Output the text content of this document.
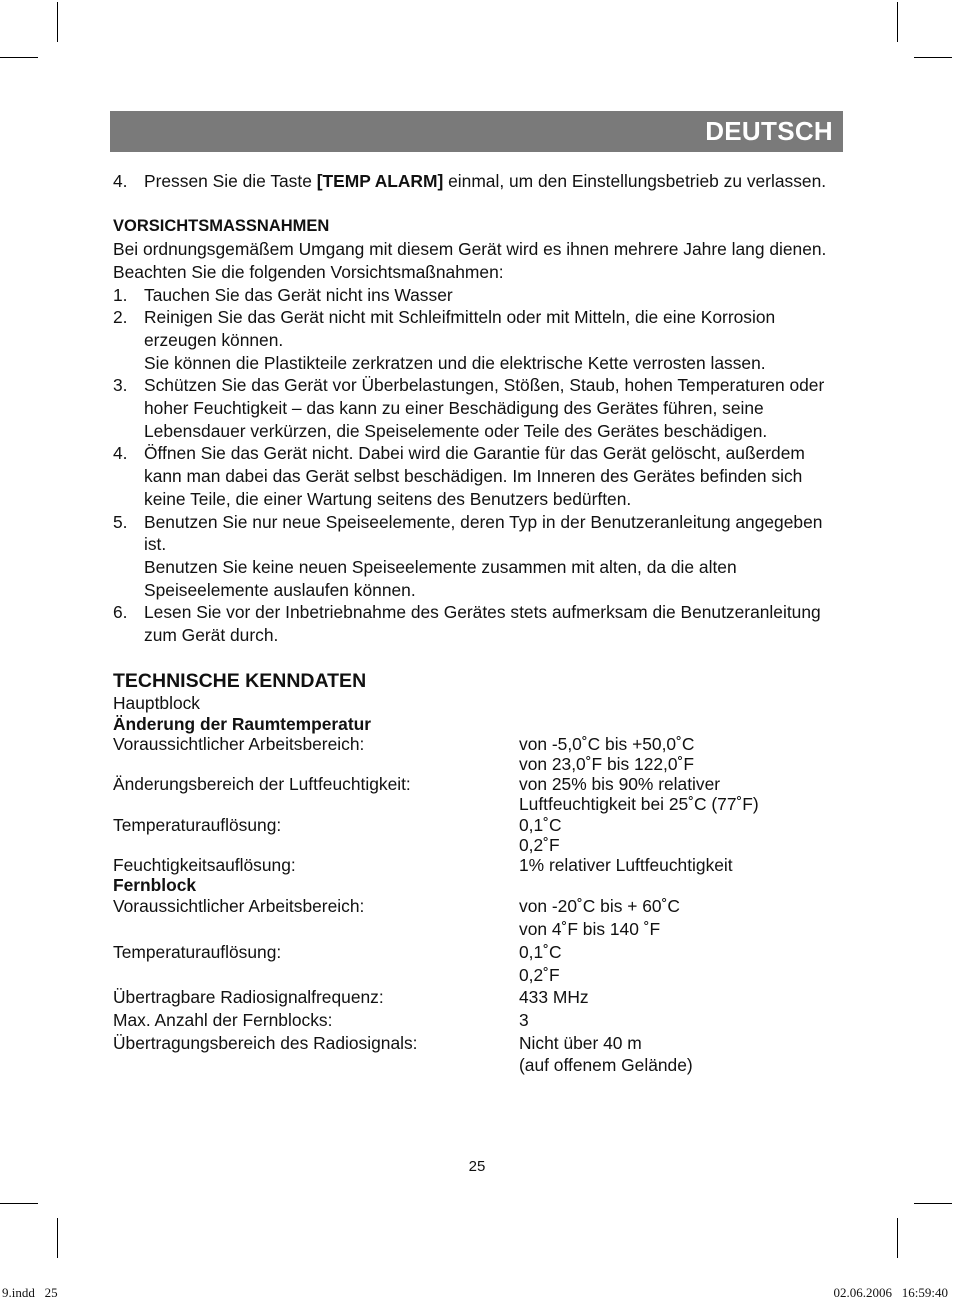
DEUTSCH
4. Pressen Sie die Taste [TEMP ALARM] einmal, um den Einstellungsbetrieb zu verlassen.
VORSICHTSMASSNAHMEN
Bei ordnungsgemäßem Umgang mit diesem Gerät wird es ihnen mehrere Jahre lang dienen. Beachten Sie die folgenden Vorsichtsmaßnahmen:
1. Tauchen Sie das Gerät nicht ins Wasser
2. Reinigen Sie das Gerät nicht mit Schleifmitteln oder mit Mitteln, die eine Korrosion erzeugen können.
Sie können die Plastikteile zerkratzen und die elektrische Kette verrosten lassen.
3. Schützen Sie das Gerät vor Überbelastungen, Stößen, Staub, hohen Temperaturen oder hoher Feuchtigkeit – das kann zu einer Beschädigung des Gerätes führen, seine Lebensdauer verkürzen, die Speiselemente oder Teile des Gerätes beschädigen.
4. Öffnen Sie das Gerät nicht. Dabei wird die Garantie für das Gerät gelöscht, außerdem kann man dabei das Gerät selbst beschädigen. Im Inneren des Gerätes befinden sich keine Teile, die einer Wartung seitens des Benutzers bedürften.
5. Benutzen Sie nur neue Speiseelemente, deren Typ in der Benutzeranleitung angegeben ist.
Benutzen Sie keine neuen Speiseelemente zusammen mit alten, da die alten Speiseelemente auslaufen können.
6. Lesen Sie vor der Inbetriebnahme des Gerätes stets aufmerksam die Benutzeranleitung zum Gerät durch.
TECHNISCHE KENNDATEN
Hauptblock
Änderung der Raumtemperatur
Voraussichtlicher Arbeitsbereich:	von -5,0˚C bis +50,0˚C
von 23,0˚F bis 122,0˚F
Änderungsbereich der Luftfeuchtigkeit:	von 25% bis 90% relativer
Luftfeuchtigkeit bei 25˚C (77˚F)
Temperaturauflösung:	0,1˚C
0,2˚F
Feuchtigkeitsauflösung:	1% relativer Luftfeuchtigkeit
Fernblock
Voraussichtlicher Arbeitsbereich:	von -20˚C bis + 60˚C
von 4˚F bis 140 ˚F
Temperaturauflösung:	0,1˚C
0,2˚F
Übertragbare Radiosignalfrequenz:	433 MHz
Max. Anzahl der Fernblocks:	3
Übertragungsbereich des Radiosignals:	Nicht über 40 m
(auf offenem Gelände)
25
9.indd   25	02.06.2006   16:59:40
